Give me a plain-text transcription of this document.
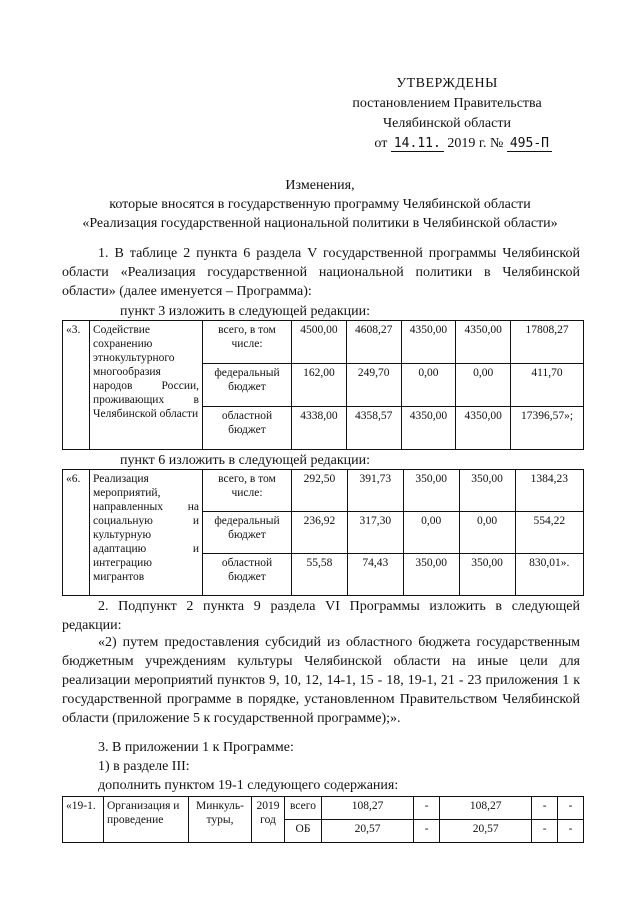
УТВЕРЖДЕНЫ
постановлением Правительства
Челябинской области
от 14.11. 2019 г. № 495-П
Изменения,
которые вносятся в государственную программу Челябинской области
«Реализация государственной национальной политики в Челябинской области»
1. В таблице 2 пункта 6 раздела V государственной программы Челябинской области «Реализация государственной национальной политики в Челябинской области» (далее именуется – Программа):
пункт 3 изложить в следующей редакции:
«3.	Содействие сохранению этнокультурного многообразия народов России, проживающих в Челябинской области	всего, в том числе:	4500,00	4608,27	4350,00	4350,00	17808,27
		федеральный бюджет	162,00	249,70	0,00	0,00	411,70
		областной бюджет	4338,00	4358,57	4350,00	4350,00	17396,57»;
пункт 6 изложить в следующей редакции:
«6.	Реализация мероприятий, направленных на социальную и культурную адаптацию и интеграцию мигрантов	всего, в том числе:	292,50	391,73	350,00	350,00	1384,23
		федеральный бюджет	236,92	317,30	0,00	0,00	554,22
		областной бюджет	55,58	74,43	350,00	350,00	830,01».
2. Подпункт 2 пункта 9 раздела VI Программы изложить в следующей редакции:
«2) путем предоставления субсидий из областного бюджета государственным бюджетным учреждениям культуры Челябинской области на иные цели для реализации мероприятий пунктов 9, 10, 12, 14-1, 15 - 18, 19-1, 21 - 23 приложения 1 к государственной программе в порядке, установленном Правительством Челябинской области (приложение 5 к государственной программе);».
3. В приложении 1 к Программе:
1) в разделе III:
дополнить пунктом 19-1 следующего содержания:
«19-1.	Организация и проведение	Минкуль-туры,	2019 год	всего	108,27	-	108,27	-	-
				ОБ	20,57	-	20,57	-	-
